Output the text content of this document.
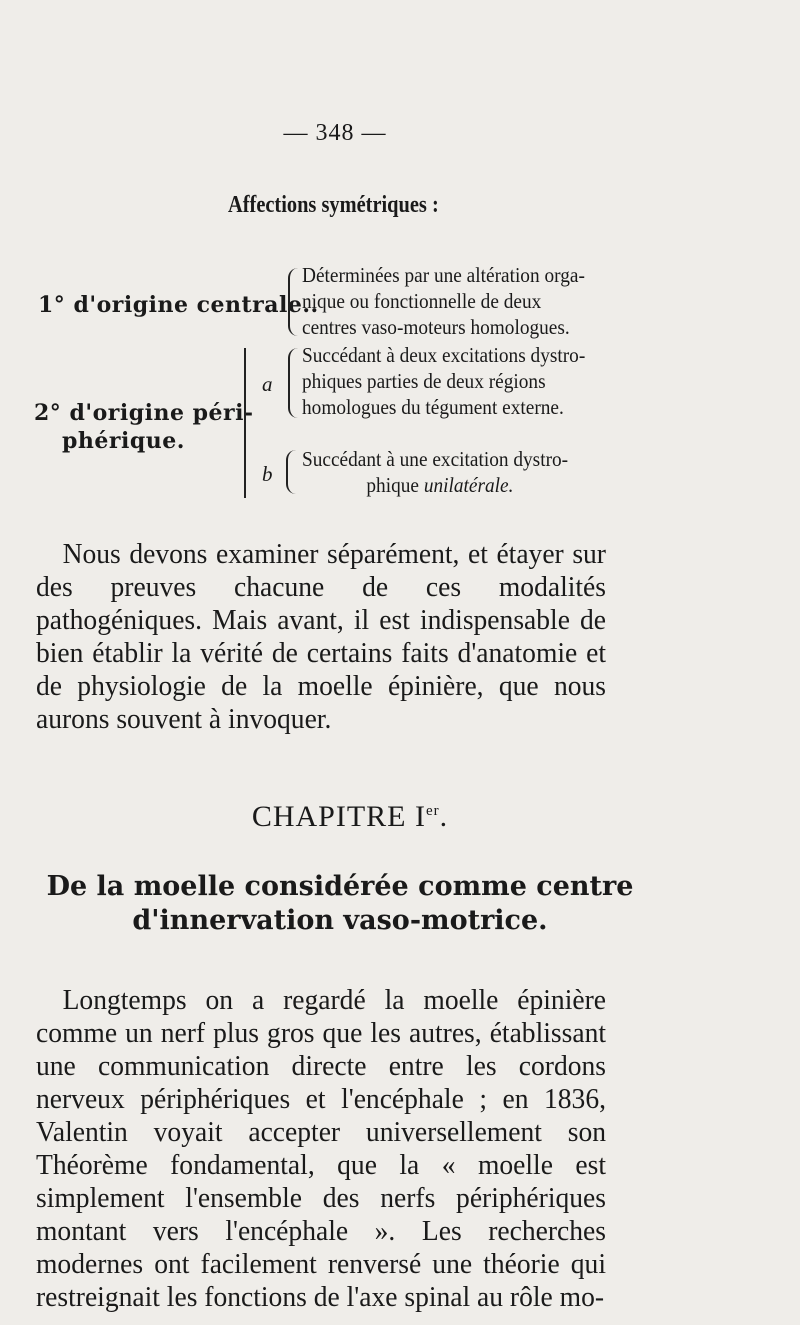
— 348 —
Affections symétriques :
1° d'origine centrale..
Déterminées par une altération orga-
nique ou fonctionnelle de deux
centres vaso-moteurs homologues.
2° d'origine péri-
phérique.
a
Succédant à deux excitations dystro-
phiques parties de deux régions
homologues du tégument externe.
b
Succédant à une excitation dystro-
phique unilatérale.
Nous devons examiner séparément, et étayer sur des preuves chacune de ces modalités pathogéniques. Mais avant, il est indispensable de bien établir la vérité de certains faits d'anatomie et de physiologie de la moelle épinière, que nous aurons souvent à invoquer.
CHAPITRE Ier.
De la moelle considérée comme centre d'innervation vaso-motrice.
Longtemps on a regardé la moelle épinière comme un nerf plus gros que les autres, établissant une communication directe entre les cordons nerveux périphériques et l'encéphale ; en 1836, Valentin voyait accepter universellement son Théorème fondamental, que la « moelle est simplement l'ensemble des nerfs périphériques montant vers l'encéphale ». Les recherches modernes ont facilement renversé une théorie qui restreignait les fonctions de l'axe spinal au rôle mo-
